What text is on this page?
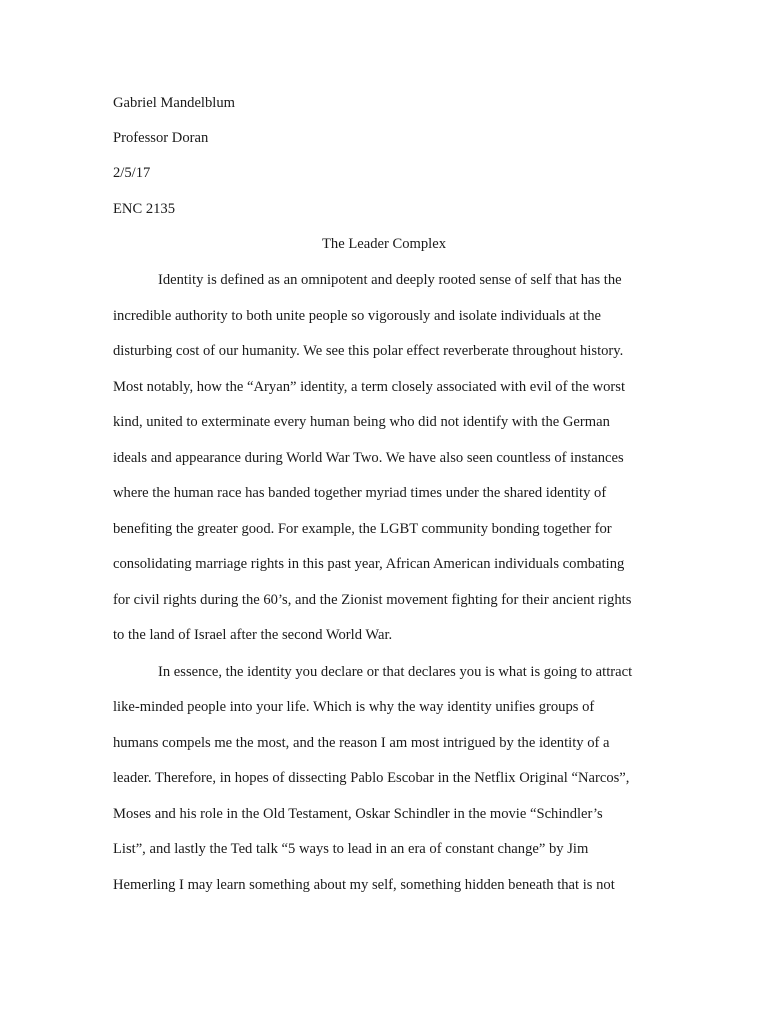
Gabriel Mandelblum
Professor Doran
2/5/17
ENC 2135
The Leader Complex
Identity is defined as an omnipotent and deeply rooted sense of self that has the
incredible authority to both unite people so vigorously and isolate individuals at the
disturbing cost of our humanity. We see this polar effect reverberate throughout history.
Most notably, how the “Aryan” identity, a term closely associated with evil of the worst
kind, united to exterminate every human being who did not identify with the German
ideals and appearance during World War Two. We have also seen countless of instances
where the human race has banded together myriad times under the shared identity of
benefiting the greater good. For example, the LGBT community bonding together for
consolidating marriage rights in this past year, African American individuals combating
for civil rights during the 60’s, and the Zionist movement fighting for their ancient rights
to the land of Israel after the second World War.
In essence, the identity you declare or that declares you is what is going to attract
like-minded people into your life. Which is why the way identity unifies groups of
humans compels me the most, and the reason I am most intrigued by the identity of a
leader. Therefore, in hopes of dissecting Pablo Escobar in the Netflix Original “Narcos”,
Moses and his role in the Old Testament, Oskar Schindler in the movie “Schindler’s
List”, and lastly the Ted talk “5 ways to lead in an era of constant change” by Jim
Hemerling I may learn something about my self, something hidden beneath that is not
